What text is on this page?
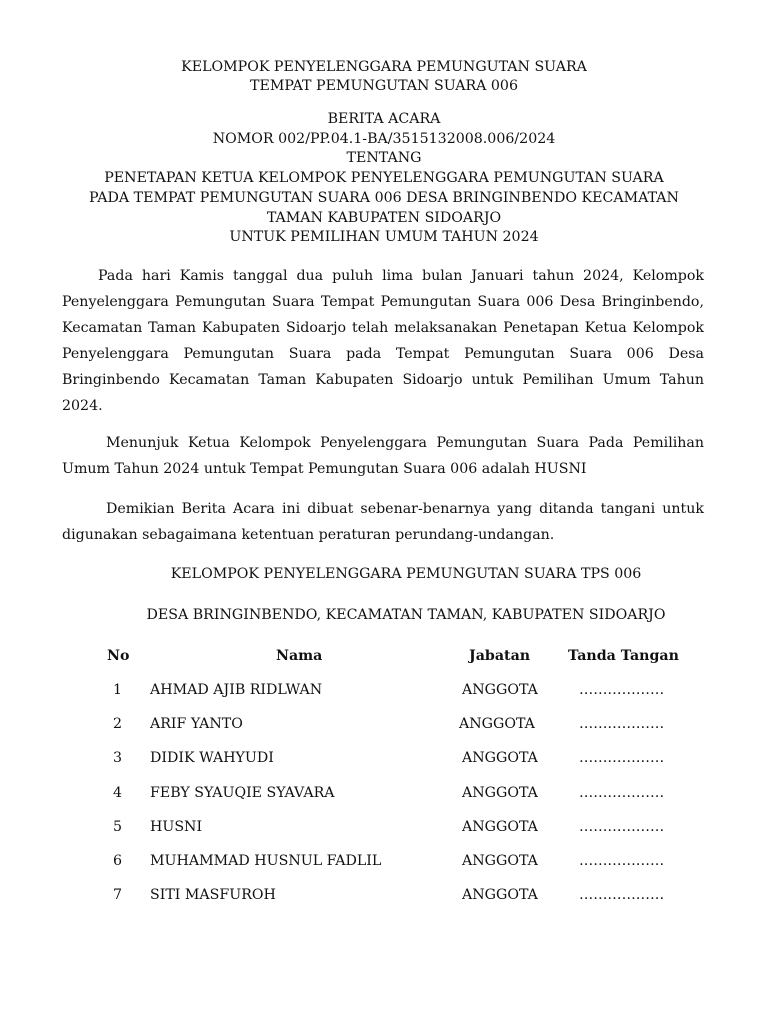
KELOMPOK PENYELENGGARA PEMUNGUTAN SUARA
TEMPAT PEMUNGUTAN SUARA 006
BERITA ACARA
NOMOR 002/PP.04.1-BA/3515132008.006/2024
TENTANG
PENETAPAN KETUA KELOMPOK PENYELENGGARA PEMUNGUTAN SUARA
PADA TEMPAT PEMUNGUTAN SUARA 006 DESA BRINGINBENDO KECAMATAN
TAMAN KABUPATEN SIDOARJO
UNTUK PEMILIHAN UMUM TAHUN 2024

Pada hari Kamis tanggal dua puluh lima bulan Januari tahun 2024, Kelompok Penyelenggara Pemungutan Suara Tempat Pemungutan Suara 006 Desa Bringinbendo, Kecamatan Taman Kabupaten Sidoarjo telah melaksanakan Penetapan Ketua Kelompok Penyelenggara Pemungutan Suara pada Tempat Pemungutan Suara 006 Desa Bringinbendo Kecamatan Taman Kabupaten Sidoarjo untuk Pemilihan Umum Tahun 2024.

Menunjuk Ketua Kelompok Penyelenggara Pemungutan Suara Pada Pemilihan Umum Tahun 2024 untuk Tempat Pemungutan Suara 006 adalah HUSNI

Demikian Berita Acara ini dibuat sebenar-benarnya yang ditanda tangani untuk digunakan sebagaimana ketentuan peraturan perundang-undangan.

KELOMPOK PENYELENGGARA PEMUNGUTAN SUARA TPS 006
DESA BRINGINBENDO, KECAMATAN TAMAN, KABUPATEN SIDOARJO
No	Nama	Jabatan	Tanda Tangan
1 AHMAD AJIB RIDLWAN	ANGGOTA	………………
2 ARIF YANTO	ANGGOTA	………………
3 DIDIK WAHYUDI	ANGGOTA	………………
4 FEBY SYAUQIE SYAVARA	ANGGOTA	………………
5 HUSNI	ANGGOTA	………………
6 MUHAMMAD HUSNUL FADLIL	ANGGOTA	………………
7 SITI MASFUROH	ANGGOTA	………………
